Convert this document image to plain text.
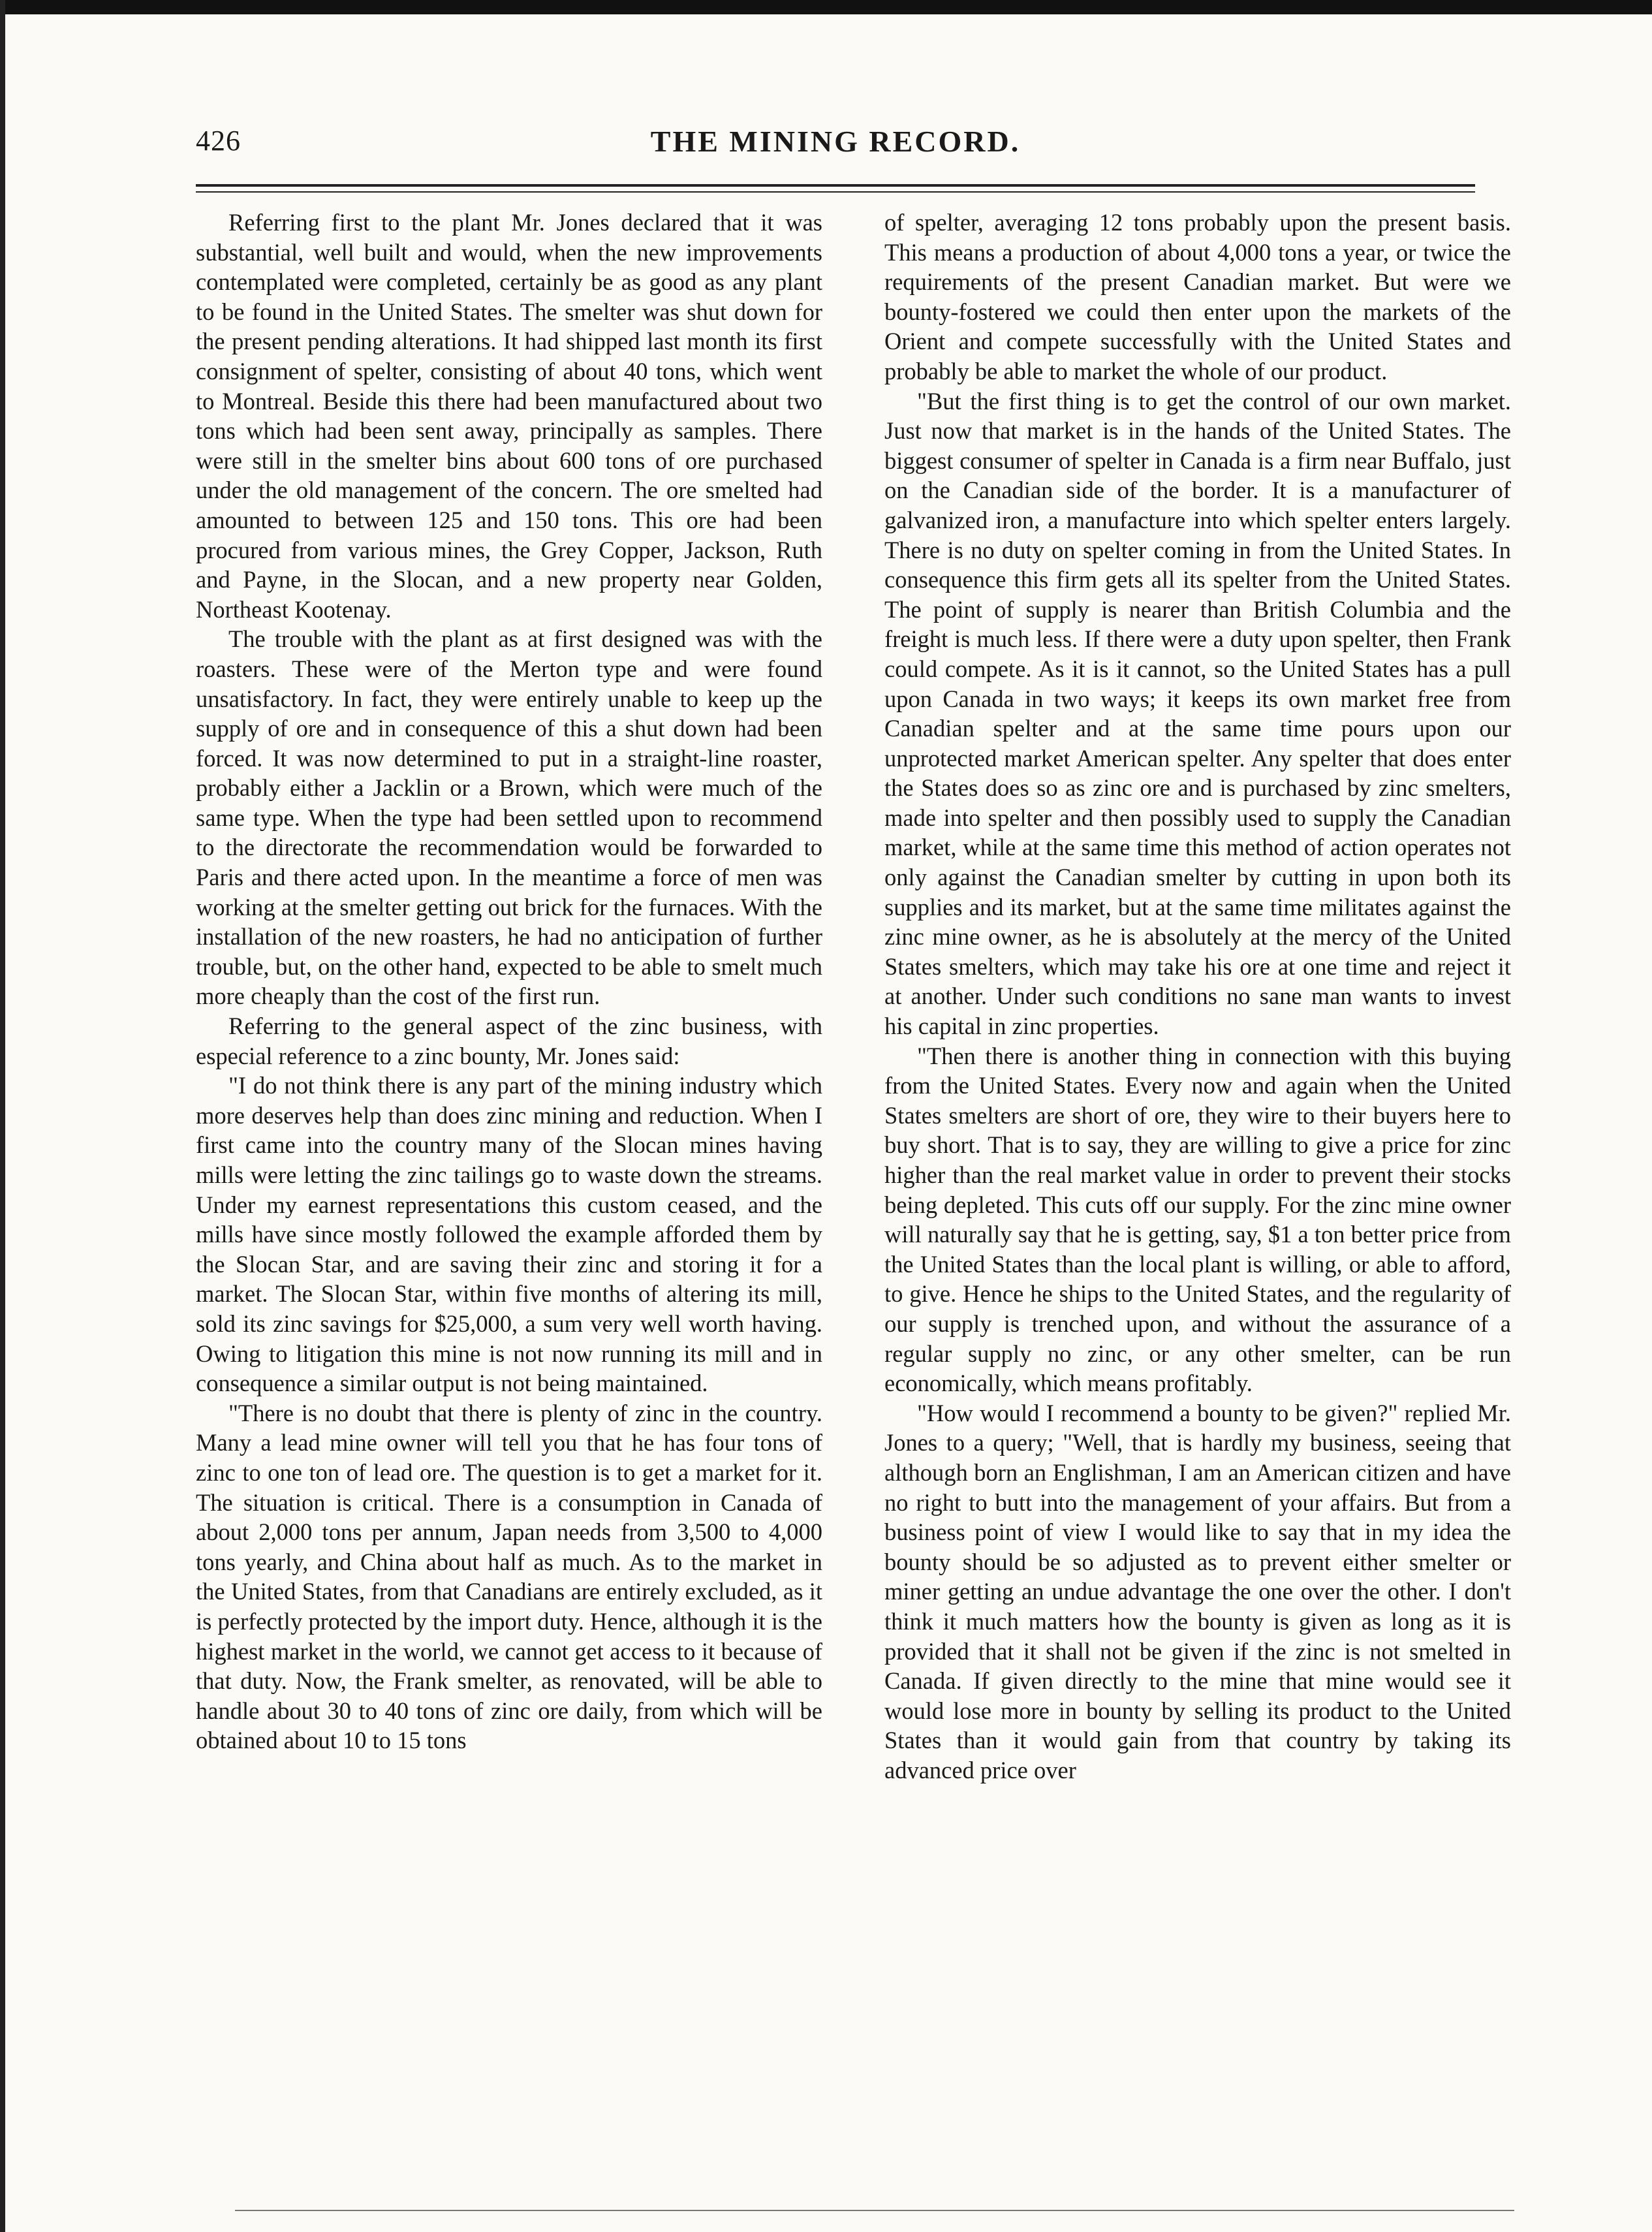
426	THE MINING RECORD.

Referring first to the plant Mr. Jones declared that it was substantial, well built and would, when the new improvements contemplated were completed, certainly be as good as any plant to be found in the United States. The smelter was shut down for the present pending alterations. It had shipped last month its first consignment of spelter, consisting of about 40 tons, which went to Montreal. Beside this there had been manufactured about two tons which had been sent away, principally as samples. There were still in the smelter bins about 600 tons of ore purchased under the old management of the concern. The ore smelted had amounted to between 125 and 150 tons. This ore had been procured from various mines, the Grey Copper, Jackson, Ruth and Payne, in the Slocan, and a new property near Golden, Northeast Kootenay.

The trouble with the plant as at first designed was with the roasters. These were of the Merton type and were found unsatisfactory. In fact, they were entirely unable to keep up the supply of ore and in consequence of this a shut down had been forced. It was now determined to put in a straight-line roaster, probably either a Jacklin or a Brown, which were much of the same type. When the type had been settled upon to recommend to the directorate the recommendation would be forwarded to Paris and there acted upon. In the meantime a force of men was working at the smelter getting out brick for the furnaces. With the installation of the new roasters, he had no anticipation of further trouble, but, on the other hand, expected to be able to smelt much more cheaply than the cost of the first run.

Referring to the general aspect of the zinc business, with especial reference to a zinc bounty, Mr. Jones said:

"I do not think there is any part of the mining industry which more deserves help than does zinc mining and reduction. When I first came into the country many of the Slocan mines having mills were letting the zinc tailings go to waste down the streams. Under my earnest representations this custom ceased, and the mills have since mostly followed the example afforded them by the Slocan Star, and are saving their zinc and storing it for a market. The Slocan Star, within five months of altering its mill, sold its zinc savings for $25,000, a sum very well worth having. Owing to litigation this mine is not now running its mill and in consequence a similar output is not being maintained.

"There is no doubt that there is plenty of zinc in the country. Many a lead mine owner will tell you that he has four tons of zinc to one ton of lead ore. The question is to get a market for it. The situation is critical. There is a consumption in Canada of about 2,000 tons per annum, Japan needs from 3,500 to 4,000 tons yearly, and China about half as much. As to the market in the United States, from that Canadians are entirely excluded, as it is perfectly protected by the import duty. Hence, although it is the highest market in the world, we cannot get access to it because of that duty. Now, the Frank smelter, as renovated, will be able to handle about 30 to 40 tons of zinc ore daily, from which will be obtained about 10 to 15 tons

of spelter, averaging 12 tons probably upon the present basis. This means a production of about 4,000 tons a year, or twice the requirements of the present Canadian market. But were we bounty-fostered we could then enter upon the markets of the Orient and compete successfully with the United States and probably be able to market the whole of our product.

"But the first thing is to get the control of our own market. Just now that market is in the hands of the United States. The biggest consumer of spelter in Canada is a firm near Buffalo, just on the Canadian side of the border. It is a manufacturer of galvanized iron, a manufacture into which spelter enters largely. There is no duty on spelter coming in from the United States. In consequence this firm gets all its spelter from the United States. The point of supply is nearer than British Columbia and the freight is much less. If there were a duty upon spelter, then Frank could compete. As it is it cannot, so the United States has a pull upon Canada in two ways; it keeps its own market free from Canadian spelter and at the same time pours upon our unprotected market American spelter. Any spelter that does enter the States does so as zinc ore and is purchased by zinc smelters, made into spelter and then possibly used to supply the Canadian market, while at the same time this method of action operates not only against the Canadian smelter by cutting in upon both its supplies and its market, but at the same time militates against the zinc mine owner, as he is absolutely at the mercy of the United States smelters, which may take his ore at one time and reject it at another. Under such conditions no sane man wants to invest his capital in zinc properties.

"Then there is another thing in connection with this buying from the United States. Every now and again when the United States smelters are short of ore, they wire to their buyers here to buy short. That is to say, they are willing to give a price for zinc higher than the real market value in order to prevent their stocks being depleted. This cuts off our supply. For the zinc mine owner will naturally say that he is getting, say, $1 a ton better price from the United States than the local plant is willing, or able to afford, to give. Hence he ships to the United States, and the regularity of our supply is trenched upon, and without the assurance of a regular supply no zinc, or any other smelter, can be run economically, which means profitably.

"How would I recommend a bounty to be given?" replied Mr. Jones to a query; "Well, that is hardly my business, seeing that although born an Englishman, I am an American citizen and have no right to butt into the management of your affairs. But from a business point of view I would like to say that in my idea the bounty should be so adjusted as to prevent either smelter or miner getting an undue advantage the one over the other. I don't think it much matters how the bounty is given as long as it is provided that it shall not be given if the zinc is not smelted in Canada. If given directly to the mine that mine would see it would lose more in bounty by selling its product to the United States than it would gain from that country by taking its advanced price over
